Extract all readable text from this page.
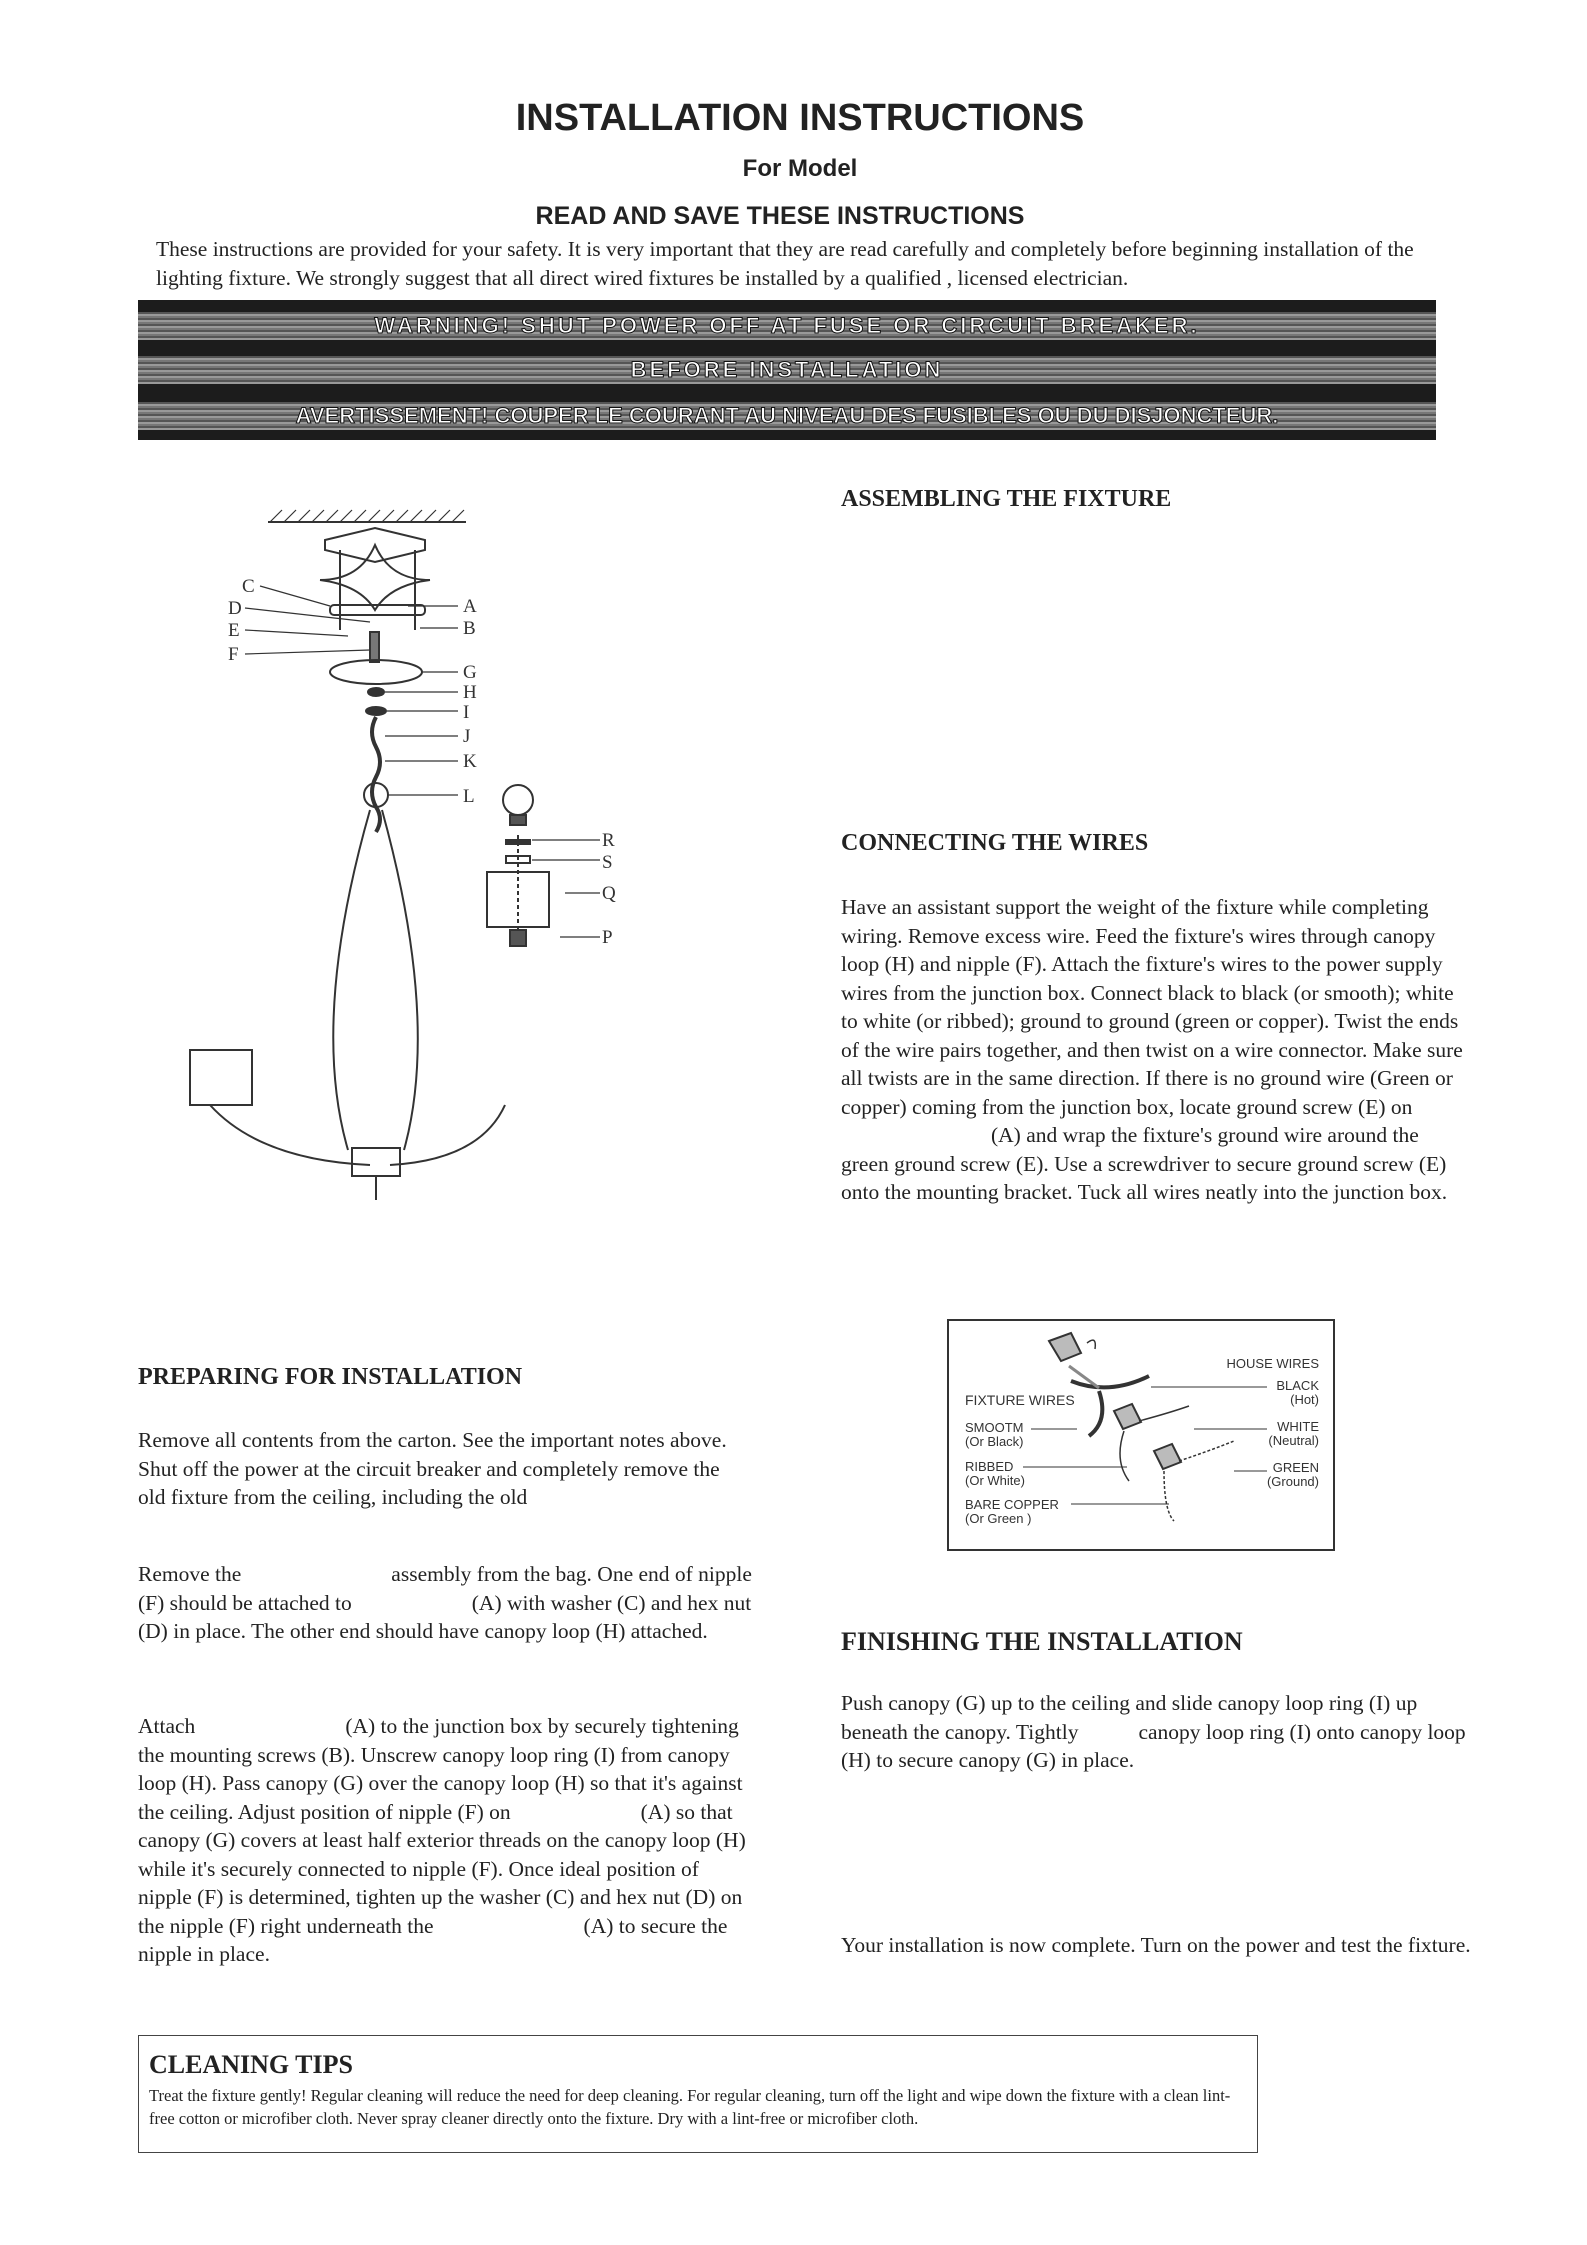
INSTALLATION INSTRUCTIONS
For Model
READ AND SAVE THESE INSTRUCTIONS
These instructions are provided for your safety. It is very important that they are read carefully and completely before beginning installation of the lighting fixture. We strongly suggest that all direct wired fixtures be installed by a qualified , licensed electrician.
WARNING! SHUT POWER OFF AT FUSE OR CIRCUIT BREAKER.
BEFORE INSTALLATION
AVERTISSEMENT! COUPER LE COURANT AU NIVEAU DES FUSIBLES OU DU DISJONCTEUR.
A
B
C
D
E
F
G
H
I
J
K
L
R
S
Q
P
ASSEMBLING THE FIXTURE
CONNECTING THE WIRES
Have an assistant support the weight of the fixture while completing wiring. Remove excess wire. Feed the fixture's wires through canopy loop (H) and nipple (F). Attach the fixture's wires to the power supply wires from the junction box. Connect black to black (or smooth); white to white (or ribbed); ground to ground (green or copper). Twist the ends of the wire pairs together, and then twist on a wire connector. Make sure all twists are in the same direction. If there is no ground wire (Green or copper) coming from the junction box, locate ground screw (E) on(A) and wrap the fixture's ground wire around the green ground screw (E). Use a screwdriver to secure ground screw (E) onto the mounting bracket. Tuck all wires neatly into the junction box.
HOUSE WIRES
BLACK
(Hot)
WHITE
(Neutral)
GREEN
(Ground)
FIXTURE WIRES
SMOOTM
(Or Black)
RIBBED
(Or White)
BARE COPPER
(Or Green )
PREPARING FOR INSTALLATION
Remove all contents from the carton. See the important notes above. Shut off the power at the circuit breaker and completely remove the old fixture from the ceiling, including the old
Remove the	assembly from the bag. One end of nipple (F) should be attached to	(A) with washer (C) and hex nut (D) in place. The other end should have canopy loop (H) attached.
Attach	(A) to the junction box by securely tightening the mounting screws (B). Unscrew canopy loop ring (I) from canopy loop (H). Pass canopy (G) over the canopy loop (H) so that it's against the ceiling. Adjust position of nipple (F) on	(A) so that canopy (G) covers at least half exterior threads on the canopy loop (H) while it's securely connected to nipple (F). Once ideal position of nipple (F) is determined, tighten up the washer (C) and hex nut (D) on the nipple (F) right underneath the	(A) to secure the nipple in place.
FINISHING THE INSTALLATION
Push canopy (G) up to the ceiling and slide canopy loop ring (I) up beneath the canopy. Tightly	canopy loop ring (I) onto canopy loop (H) to secure canopy (G) in place.
Your installation is now complete. Turn on the power and test the fixture.
CLEANING TIPS
Treat the fixture gently! Regular cleaning will reduce the need for deep cleaning. For regular cleaning, turn off the light and wipe down the fixture with a clean lint-free cotton or microfiber cloth. Never spray cleaner directly onto the fixture. Dry with a lint-free or microfiber cloth.
